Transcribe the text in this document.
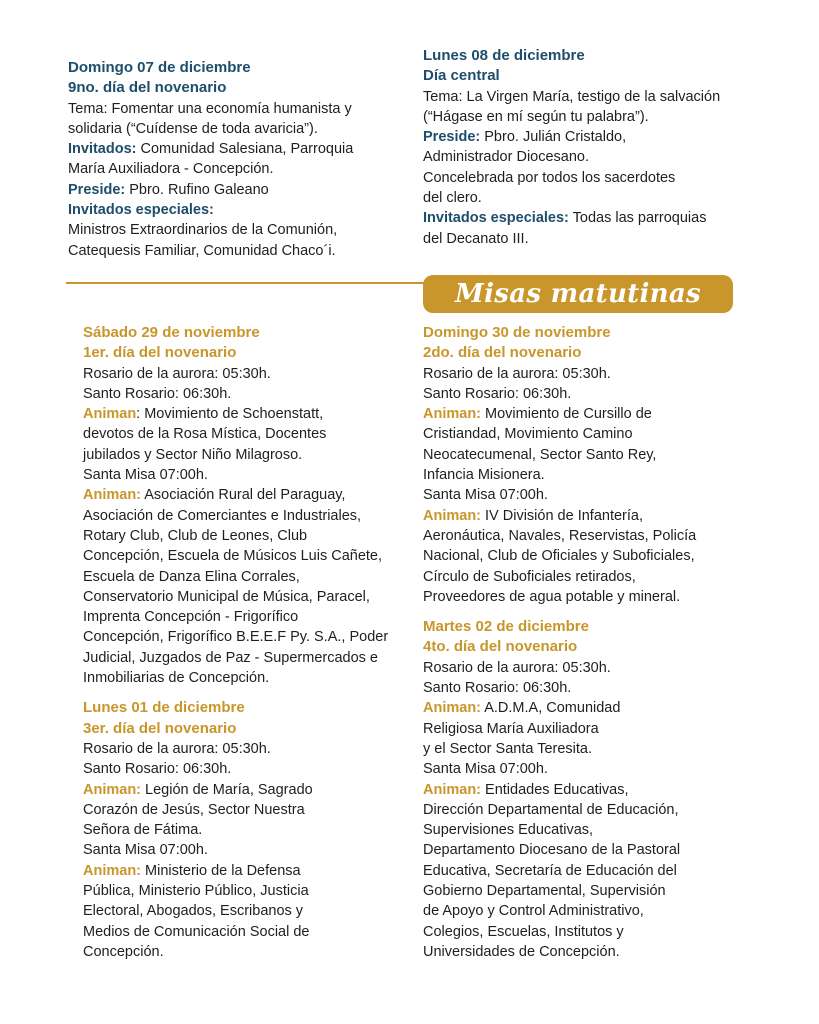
Domingo 07 de diciembre

9no. día del novenario

Tema: Fomentar una economía humanista y

solidaria (“Cuídense de toda avaricia”).

Invitados: Comunidad Salesiana, Parroquia

María Auxiliadora - Concepción.

Preside: Pbro. Rufino Galeano

Invitados especiales:

Ministros Extraordinarios de la Comunión,

Catequesis Familiar, Comunidad Chaco´i.

Lunes 08 de diciembre

Día central

Tema: La Virgen María, testigo de la salvación

(“Hágase en mí según tu palabra”).

Preside: Pbro. Julián Cristaldo,

Administrador Diocesano.

Concelebrada por todos los sacerdotes

del clero.

Invitados especiales: Todas las parroquias

del Decanato III.

Misas matutinas

Sábado 29 de noviembre

1er. día del novenario

Rosario de la aurora: 05:30h.

Santo Rosario: 06:30h.

Animan: Movimiento de Schoenstatt,

devotos de la Rosa Mística, Docentes

jubilados y Sector Niño Milagroso.

Santa Misa 07:00h.

Animan: Asociación Rural del Paraguay,

Asociación de Comerciantes e Industriales,

Rotary Club, Club de Leones, Club

Concepción, Escuela de Músicos Luis Cañete,

Escuela de Danza Elina Corrales,

Conservatorio Municipal de Música, Paracel,

Imprenta Concepción - Frigorífico

Concepción, Frigorífico B.E.E.F Py. S.A., Poder

Judicial, Juzgados de Paz - Supermercados e

Inmobiliarias de Concepción.

Lunes 01 de diciembre

3er. día del novenario

Rosario de la aurora: 05:30h.

Santo Rosario: 06:30h.

Animan: Legión de María, Sagrado

Corazón de Jesús, Sector Nuestra

Señora de Fátima.

Santa Misa 07:00h.

Animan: Ministerio de la Defensa

Pública, Ministerio Público, Justicia

Electoral, Abogados, Escribanos y

Medios de Comunicación Social de

Concepción.

Domingo 30 de noviembre

2do. día del novenario

Rosario de la aurora: 05:30h.

Santo Rosario: 06:30h.

Animan: Movimiento de Cursillo de

Cristiandad, Movimiento Camino

Neocatecumenal, Sector Santo Rey,

Infancia Misionera.

Santa Misa 07:00h.

Animan: IV División de Infantería,

Aeronáutica, Navales, Reservistas, Policía

Nacional, Club de Oficiales y Suboficiales,

Círculo de Suboficiales retirados,

Proveedores de agua potable y mineral.

Martes 02 de diciembre

4to. día del novenario

Rosario de la aurora: 05:30h.

Santo Rosario: 06:30h.

Animan: A.D.M.A, Comunidad

Religiosa María Auxiliadora

y el Sector Santa Teresita.

Santa Misa 07:00h.

Animan: Entidades Educativas,

Dirección Departamental de Educación,

Supervisiones Educativas,

Departamento Diocesano de la Pastoral

Educativa, Secretaría de Educación del

Gobierno Departamental, Supervisión

de Apoyo y Control Administrativo,

Colegios, Escuelas, Institutos y

Universidades de Concepción.
